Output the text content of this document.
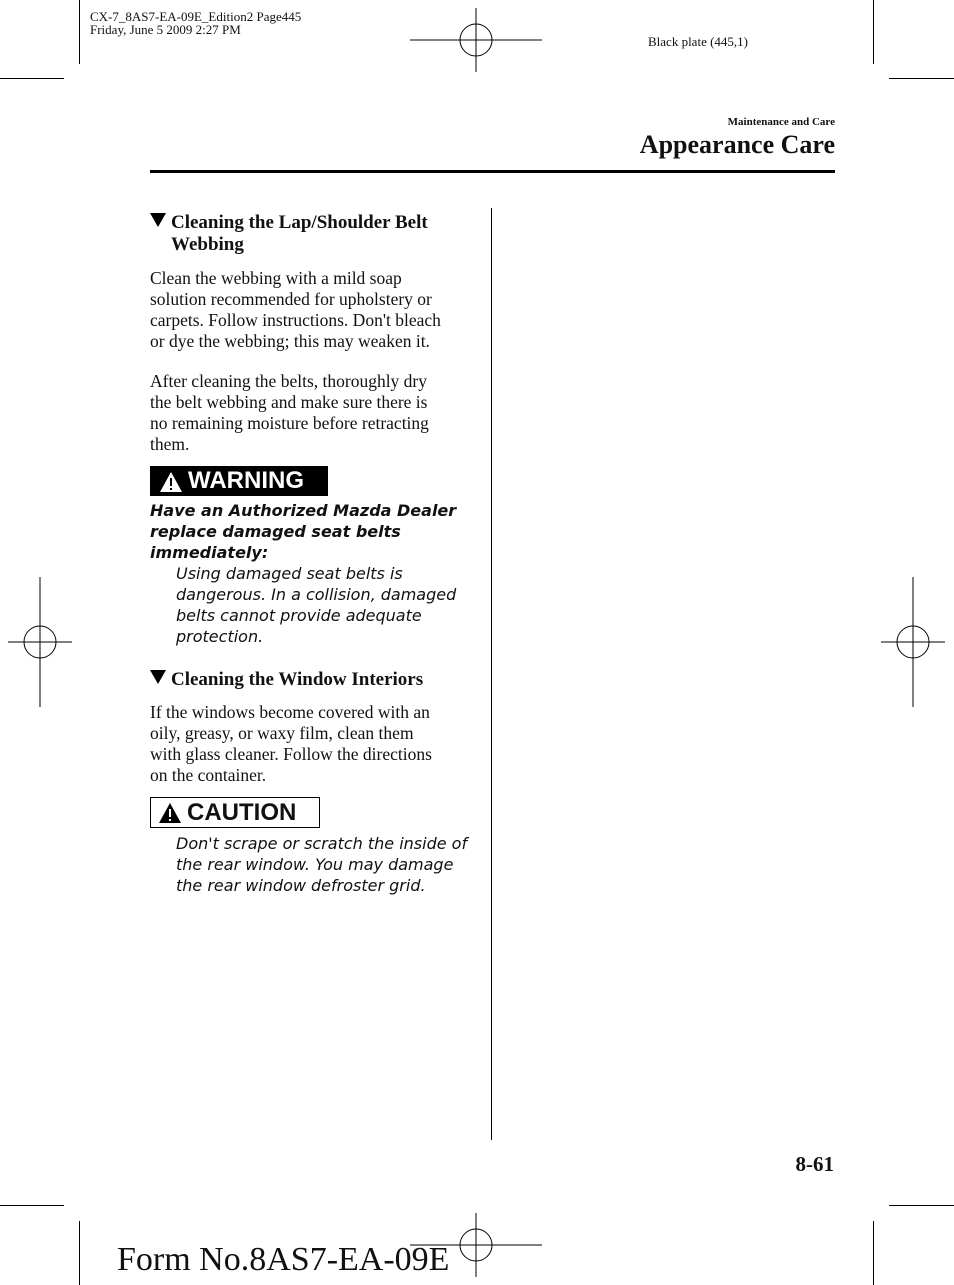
CX-7_8AS7-EA-09E_Edition2 Page445
Friday, June 5 2009 2:27 PM
Black plate (445,1)
Maintenance and Care
Appearance Care
Cleaning the Lap/Shoulder Belt
Webbing
Clean the webbing with a mild soap
solution recommended for upholstery or
carpets. Follow instructions. Don't bleach
or dye the webbing; this may weaken it.
After cleaning the belts, thoroughly dry
the belt webbing and make sure there is
no remaining moisture before retracting
them.
WARNING
Have an Authorized Mazda Dealer
replace damaged seat belts
immediately:
Using damaged seat belts is
dangerous. In a collision, damaged
belts cannot provide adequate
protection.
Cleaning the Window Interiors
If the windows become covered with an
oily, greasy, or waxy film, clean them
with glass cleaner. Follow the directions
on the container.
CAUTION
Don't scrape or scratch the inside of
the rear window. You may damage
the rear window defroster grid.
8-61
Form No.8AS7-EA-09E
